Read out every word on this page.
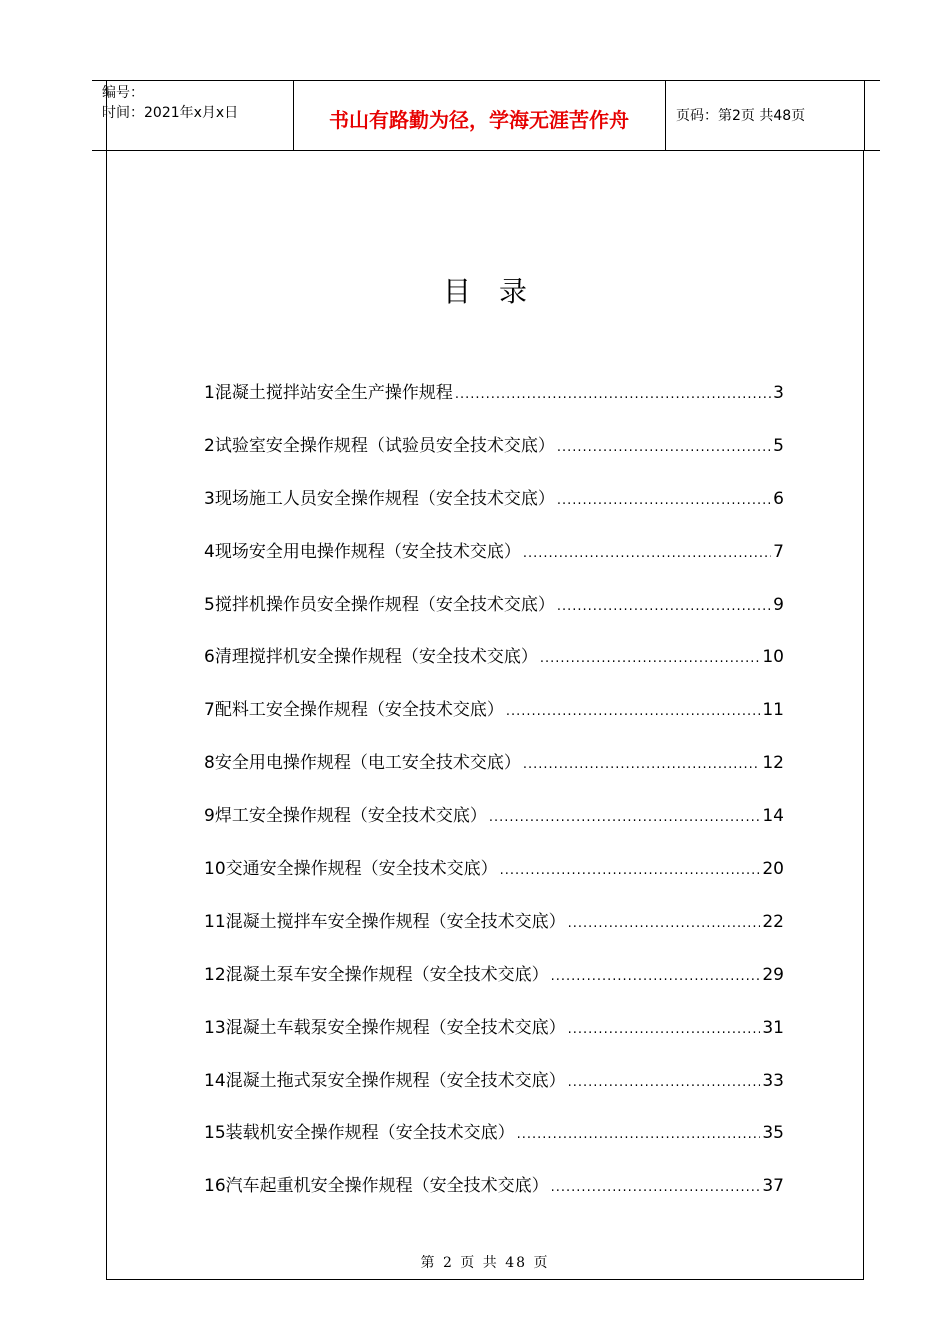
编号：
时间：2021年x月x日	书山有路勤为径，学海无涯苦作舟	页码：第2页 共48页
目录
1混凝土搅拌站安全生产操作规程 .....	3
2试验室安全操作规程（试验员安全技术交底） .....	5
3现场施工人员安全操作规程（安全技术交底） .....	6
4现场安全用电操作规程（安全技术交底） .....	7
5搅拌机操作员安全操作规程（安全技术交底） .....	9
6清理搅拌机安全操作规程（安全技术交底） .....	10
7配料工安全操作规程（安全技术交底） .....	11
8安全用电操作规程（电工安全技术交底） .....	12
9焊工安全操作规程（安全技术交底） .....	14
10交通安全操作规程（安全技术交底） .....	20
11混凝土搅拌车安全操作规程（安全技术交底） .....	22
12混凝土泵车安全操作规程（安全技术交底） .....	29
13混凝土车载泵安全操作规程（安全技术交底） .....	31
14混凝土拖式泵安全操作规程（安全技术交底） .....	33
15装载机安全操作规程（安全技术交底） .....	35
16汽车起重机安全操作规程（安全技术交底） .....	37
第 2 页 共 48 页
